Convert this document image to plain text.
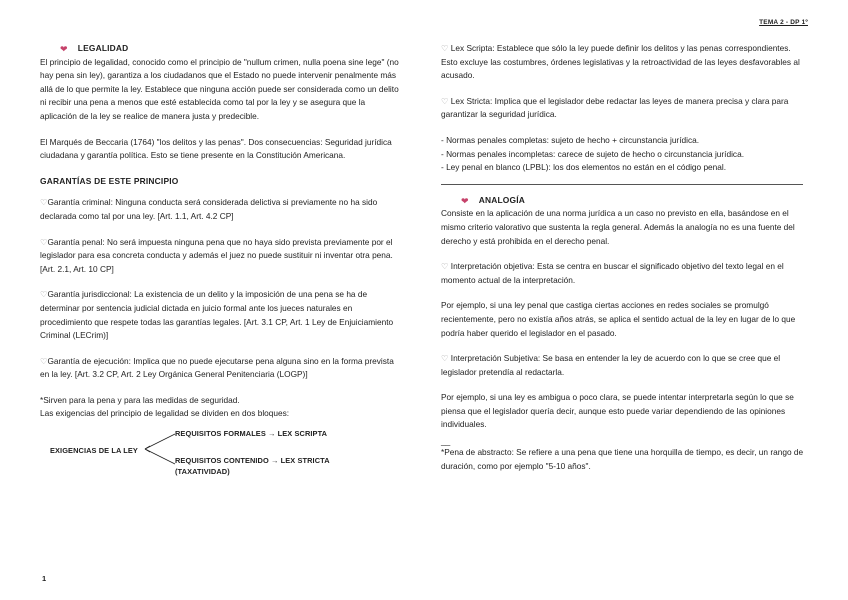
TEMA 2 - DP 1º
❤ LEGALIDAD

El principio de legalidad, conocido como el principio de "nullum crimen, nulla poena sine lege" (no hay pena sin ley), garantiza a los ciudadanos que el Estado no puede intervenir penalmente más allá de lo que permite la ley. Establece que ninguna acción puede ser considerada como un delito ni recibir una pena a menos que esté establecida como tal por la ley y se asegura que la aplicación de la ley se realice de manera justa y predecible.

El Marqués de Beccaria (1764) "los delitos y las penas". Dos consecuencias: Seguridad jurídica ciudadana y garantía política. Esto se tiene presente en la Constitución Americana.

GARANTÍAS DE ESTE PRINCIPIO

♡Garantía criminal: Ninguna conducta será considerada delictiva si previamente no ha sido declarada como tal por una ley. [Art. 1.1, Art. 4.2 CP]

♡Garantía penal: No será impuesta ninguna pena que no haya sido prevista previamente por el legislador para esa concreta conducta y además el juez no puede sustituir ni inventar otra pena. [Art. 2.1, Art. 10 CP]

♡Garantía jurisdiccional: La existencia de un delito y la imposición de una pena se ha de determinar por sentencia judicial dictada en juicio formal ante los jueces naturales en procedimiento que respete todas las garantías legales. [Art. 3.1 CP, Art. 1 Ley de Enjuiciamiento Criminal (LECrim)]

♡Garantía de ejecución: Implica que no puede ejecutarse pena alguna sino en la forma prevista en la ley. [Art. 3.2 CP, Art. 2 Ley Orgánica General Penitenciaria (LOGP)]

*Sirven para la pena y para las medidas de seguridad.

Las exigencias del principio de legalidad se dividen en dos bloques:

EXIGENCIAS DE LA LEY
REQUISITOS FORMALES → LEX SCRIPTA
REQUISITOS CONTENIDO → LEX STRICTA
(TAXATIVIDAD)
1

♡ Lex Scripta: Establece que sólo la ley puede definir los delitos y las penas correspondientes. Esto excluye las costumbres, órdenes legislativas y la retroactividad de las leyes desfavorables al acusado.

♡ Lex Stricta: Implica que el legislador debe redactar las leyes de manera precisa y clara para garantizar la seguridad jurídica.

- Normas penales completas: sujeto de hecho + circunstancia jurídica.

- Normas penales incompletas: carece de sujeto de hecho o circunstancia jurídica.

- Ley penal en blanco (LPBL): los dos elementos no están en el código penal.

❤ ANALOGÍA

Consiste en la aplicación de una norma jurídica a un caso no previsto en ella, basándose en el mismo criterio valorativo que sustenta la regla general. Además la analogía no es una fuente del derecho y está prohibida en el derecho penal.

♡ Interpretación objetiva: Esta se centra en buscar el significado objetivo del texto legal en el momento actual de la interpretación.

Por ejemplo, si una ley penal que castiga ciertas acciones en redes sociales se promulgó recientemente, pero no existía años atrás, se aplica el sentido actual de la ley en lugar de lo que podría haber querido el legislador en el pasado.

♡ Interpretación Subjetiva: Se basa en entender la ley de acuerdo con lo que se cree que el legislador pretendía al redactarla.

Por ejemplo, si una ley es ambigua o poco clara, se puede intentar interpretarla según lo que se piensa que el legislador quería decir, aunque esto puede variar dependiendo de las opiniones individuales.

__

*Pena de abstracto: Se refiere a una pena que tiene una horquilla de tiempo, es decir, un rango de duración, como por ejemplo "5-10 años".
